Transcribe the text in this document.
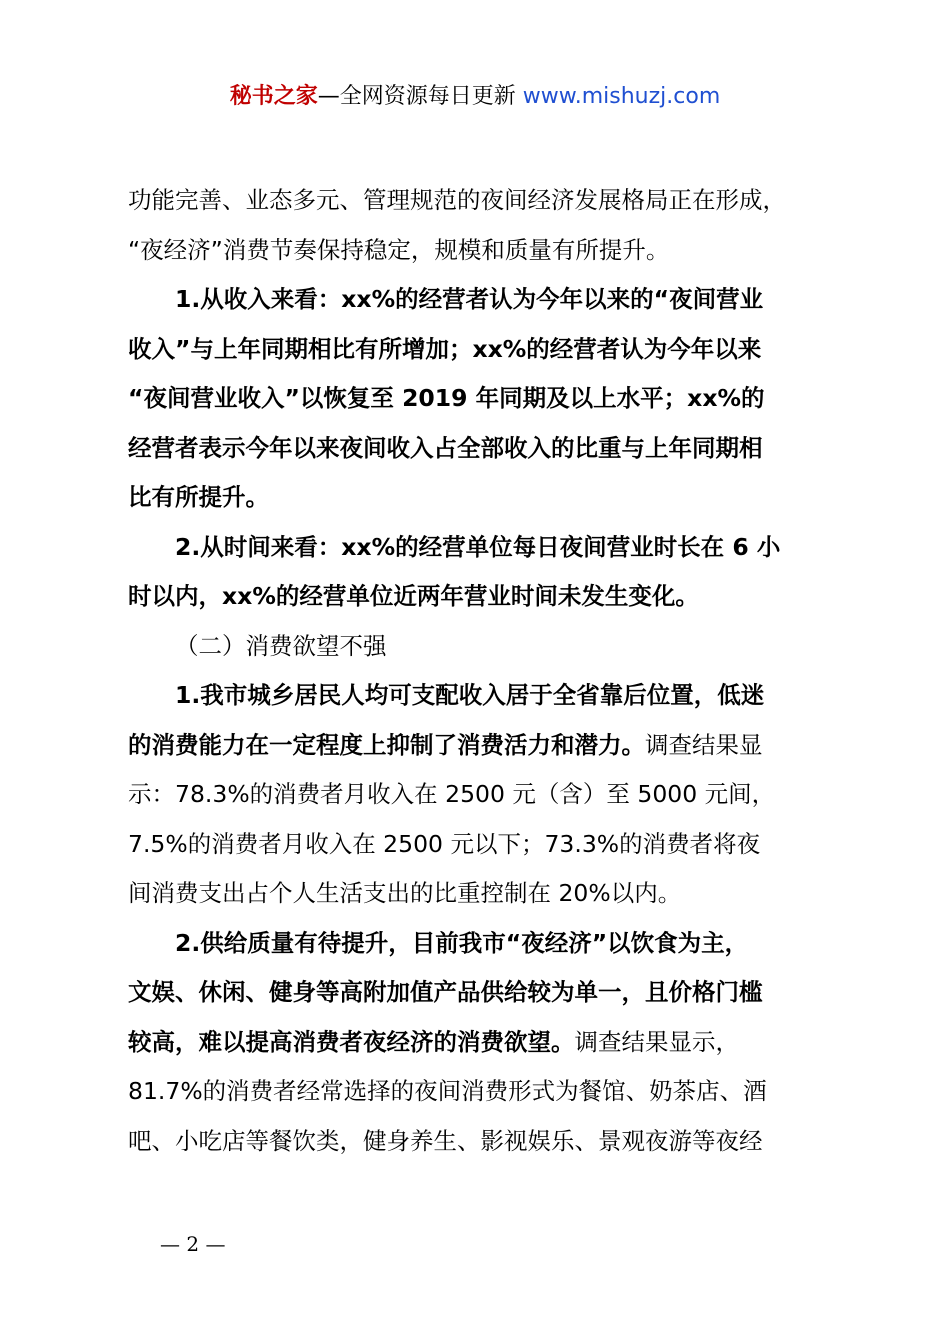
秘书之家—全网资源每日更新 www.mishuzj.com
功能完善、业态多元、管理规范的夜间经济发展格局正在形成，
“夜经济”消费节奏保持稳定，规模和质量有所提升。
1.从收入来看：xx%的经营者认为今年以来的“夜间营业
收入”与上年同期相比有所增加；xx%的经营者认为今年以来
“夜间营业收入”以恢复至 2019 年同期及以上水平；xx%的
经营者表示今年以来夜间收入占全部收入的比重与上年同期相
比有所提升。
2.从时间来看：xx%的经营单位每日夜间营业时长在 6 小
时以内，xx%的经营单位近两年营业时间未发生变化。
（二）消费欲望不强
1.我市城乡居民人均可支配收入居于全省靠后位置，低迷
的消费能力在一定程度上抑制了消费活力和潜力。调查结果显
示：78.3%的消费者月收入在 2500 元（含）至 5000 元间，
7.5%的消费者月收入在 2500 元以下；73.3%的消费者将夜
间消费支出占个人生活支出的比重控制在 20%以内。
2.供给质量有待提升，目前我市“夜经济”以饮食为主，
文娱、休闲、健身等高附加值产品供给较为单一，且价格门槛
较高，难以提高消费者夜经济的消费欲望。调查结果显示，
81.7%的消费者经常选择的夜间消费形式为餐馆、奶茶店、酒
吧、小吃店等餐饮类，健身养生、影视娱乐、景观夜游等夜经
— 2 —
